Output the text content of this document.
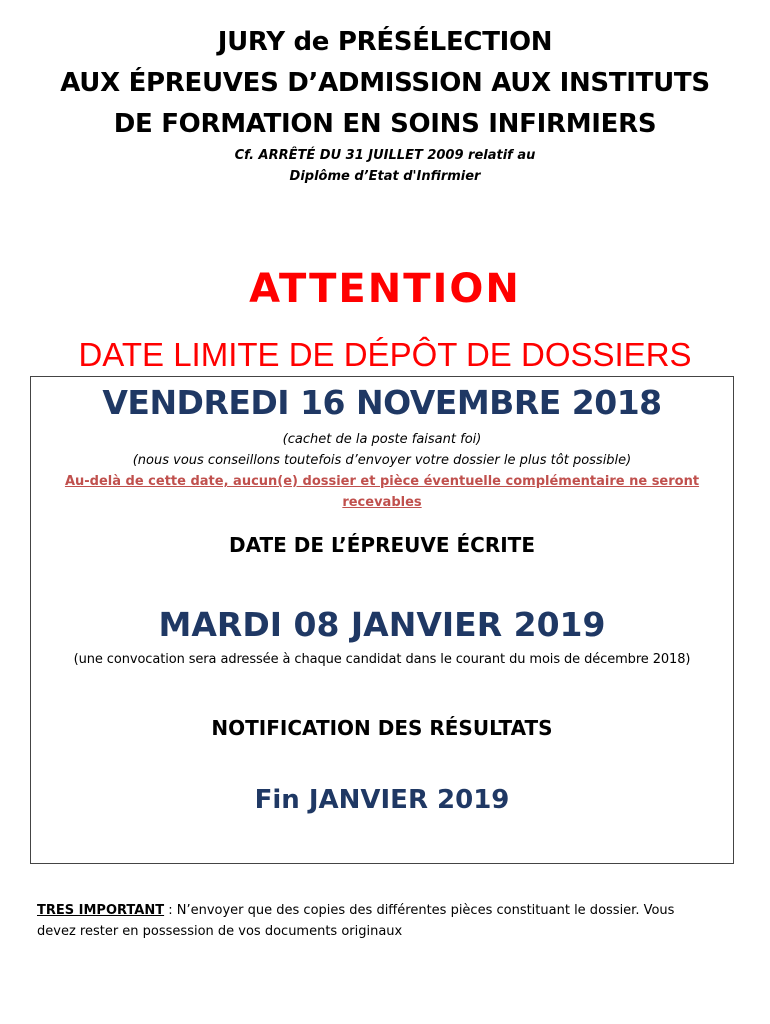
JURY de PRÉSÉLECTION
AUX ÉPREUVES D’ADMISSION AUX INSTITUTS
DE FORMATION EN SOINS INFIRMIERS
Cf. ARRÊTÉ DU 31 JUILLET 2009 relatif au
Diplôme d’Etat d'Infirmier
ATTENTION
DATE LIMITE DE DÉPÔT DE DOSSIERS
VENDREDI 16 NOVEMBRE 2018
(cachet de la poste faisant foi)
(nous vous conseillons toutefois d’envoyer votre dossier le plus tôt possible)
Au-delà de cette date, aucun(e) dossier et pièce éventuelle complémentaire ne seront
recevables
DATE DE L’ÉPREUVE ÉCRITE
MARDI 08 JANVIER 2019
(une convocation sera adressée à chaque candidat dans le courant du mois de décembre 2018)
NOTIFICATION DES RÉSULTATS
Fin JANVIER 2019
TRES IMPORTANT : N’envoyer que des copies des différentes pièces constituant le dossier. Vous
devez rester en possession de vos documents originaux
